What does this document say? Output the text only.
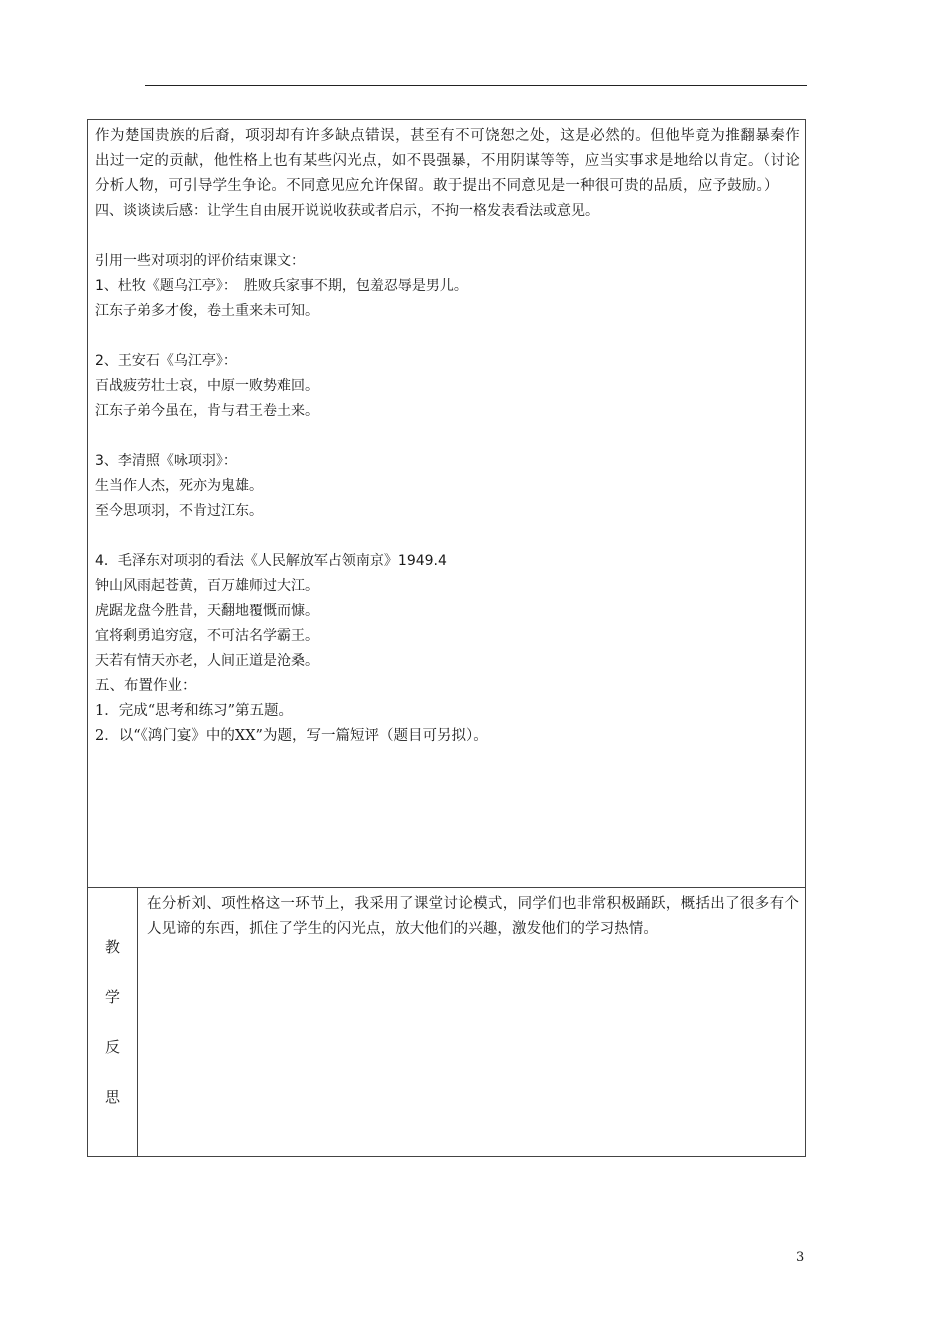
作为楚国贵族的后裔，项羽却有许多缺点错误，甚至有不可饶恕之处，这是必然的。但他毕竟为推翻暴秦作出过一定的贡献，他性格上也有某些闪光点，如不畏强暴，不用阴谋等等，应当实事求是地给以肯定。（讨论分析人物，可引导学生争论。不同意见应允许保留。敢于提出不同意见是一种很可贵的品质，应予鼓励。）

四、谈谈读后感：让学生自由展开说说收获或者启示，不拘一格发表看法或意见。

引用一些对项羽的评价结束课文：

1、杜牧《题乌江亭》：　胜败兵家事不期，包羞忍辱是男儿。

江东子弟多才俊，卷土重来未可知。

2、王安石《乌江亭》：

百战疲劳壮士哀，中原一败势难回。

江东子弟今虽在，肯与君王卷土来。

3、李清照《咏项羽》：

生当作人杰，死亦为鬼雄。

至今思项羽，不肯过江东。

4．毛泽东对项羽的看法《人民解放军占领南京》1949.4

钟山风雨起苍黄，百万雄师过大江。

虎踞龙盘今胜昔，天翻地覆慨而慷。

宜将剩勇追穷寇，不可沽名学霸王。

天若有情天亦老，人间正道是沧桑。

五、布置作业：

1．完成“思考和练习”第五题。

2．以“《鸿门宴》中的XX”为题，写一篇短评（题目可另拟）。

教
学
反
思
在分析刘、项性格这一环节上，我采用了课堂讨论模式，同学们也非常积极踊跃，概括出了很多有个人见谛的东西，抓住了学生的闪光点，放大他们的兴趣，激发他们的学习热情。
3
